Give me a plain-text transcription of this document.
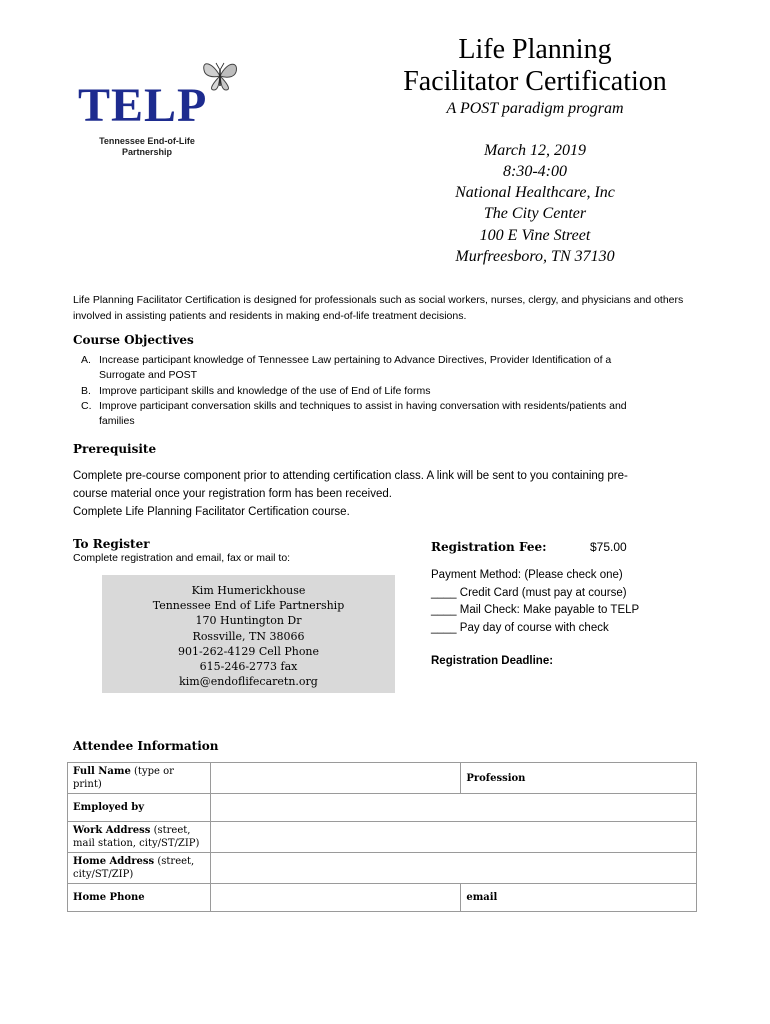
TELP
Tennessee End-of-Life
Partnership
Life Planning
Facilitator Certification
A POST paradigm program
March 12, 2019
8:30-4:00
National Healthcare, Inc
The City Center
100 E Vine Street
Murfreesboro, TN 37130
Life Planning Facilitator Certification is designed for professionals such as social workers, nurses, clergy, and physicians and others
involved in assisting patients and residents in making end-of-life treatment decisions.
Course Objectives
A. Increase participant knowledge of Tennessee Law pertaining to Advance Directives, Provider Identification of a
Surrogate and POST
B. Improve participant skills and knowledge of the use of End of Life forms
C. Improve participant conversation skills and techniques to assist in having conversation with residents/patients and
families
Prerequisite
Complete pre-course component prior to attending certification class. A link will be sent to you containing pre-
course material once your registration form has been received.
Complete Life Planning Facilitator Certification course.
To Register
Complete registration and email, fax or mail to:
Kim Humerickhouse
Tennessee End of Life Partnership
170 Huntington Dr
Rossville, TN 38066
901-262-4129 Cell Phone
615-246-2773 fax
kim@endoflifecaretn.org
Registration Fee:	$75.00
Payment Method: (Please check one)
____ Credit Card (must pay at course)
____ Mail Check: Make payable to TELP
____ Pay day of course with check
Registration Deadline:
Attendee Information
Full Name (type or print)		Profession
Employed by		
Work Address (street,
mail station, city/ST/ZIP)		
Home Address (street,
city/ST/ZIP)		
Home Phone		email
